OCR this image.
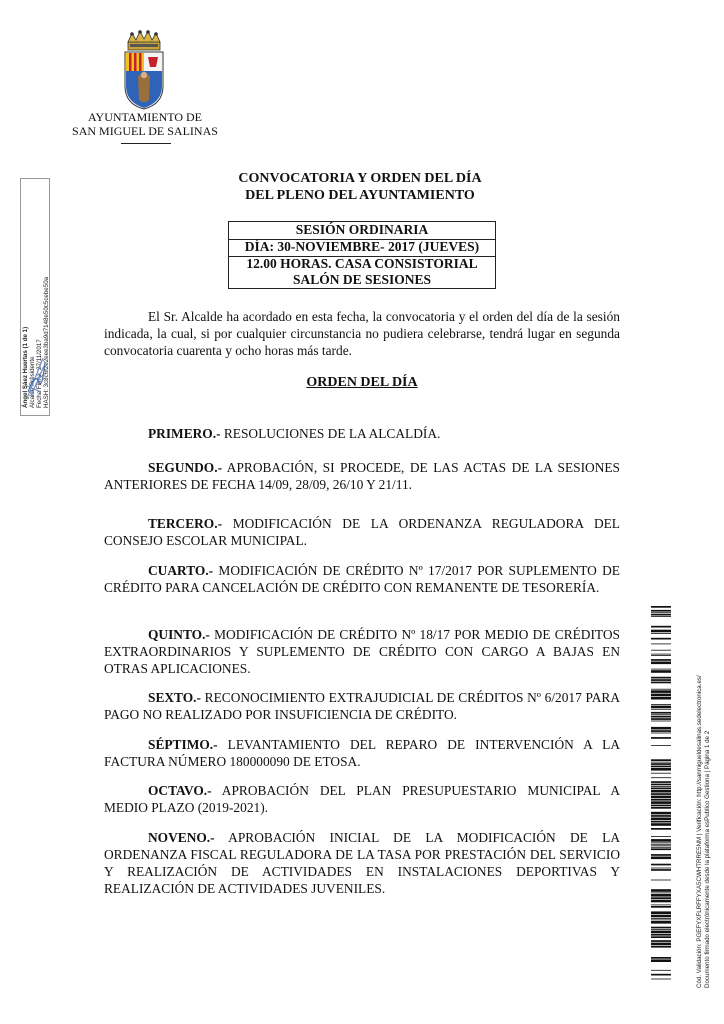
AYUNTAMIENTO DE
SAN MIGUEL DE SALINAS
CONVOCATORIA Y ORDEN DEL DÍA
DEL PLENO DEL AYUNTAMIENTO
SESIÓN ORDINARIA
DÍA: 30-NOVIEMBRE- 2017 (JUEVES)
12.00 HORAS. CASA CONSISTORIAL
SALÓN DE SESIONES
El Sr. Alcalde ha acordado en esta fecha, la convocatoria y el orden del día de la sesión indicada, la cual, si por cualquier circunstancia no pudiera celebrarse, tendrá lugar en segunda convocatoria cuarenta y ocho horas más tarde.
ORDEN DEL DÍA
PRIMERO.- RESOLUCIONES DE LA ALCALDÍA.
SEGUNDO.- APROBACIÓN, SI PROCEDE, DE LAS ACTAS DE LA SESIONES ANTERIORES DE FECHA 14/09, 28/09, 26/10 Y 21/11.
TERCERO.- MODIFICACIÓN DE LA ORDENANZA REGULADORA DEL CONSEJO ESCOLAR MUNICIPAL.
CUARTO.- MODIFICACIÓN DE CRÉDITO Nº 17/2017 POR SUPLEMENTO DE CRÉDITO PARA CANCELACIÓN DE CRÉDITO CON REMANENTE DE TESORERÍA.
QUINTO.- MODIFICACIÓN DE CRÉDITO Nº 18/17 POR MEDIO DE CRÉDITOS EXTRAORDINARIOS Y SUPLEMENTO DE CRÉDITO CON CARGO A BAJAS EN OTRAS APLICACIONES.
SEXTO.- RECONOCIMIENTO EXTRAJUDICIAL DE CRÉDITOS Nº 6/2017 PARA PAGO NO REALIZADO POR INSUFICIENCIA DE CRÉDITO.
SÉPTIMO.- LEVANTAMIENTO DEL REPARO DE INTERVENCIÓN A LA FACTURA NÚMERO 180000090 DE ETOSA.
OCTAVO.- APROBACIÓN DEL PLAN PRESUPUESTARIO MUNICIPAL A MEDIO PLAZO (2019-2021).
NOVENO.- APROBACIÓN INICIAL DE LA MODIFICACIÓN DE LA ORDENANZA FISCAL REGULADORA DE LA TASA POR PRESTACIÓN DEL SERVICIO Y REALIZACIÓN DE ACTIVIDADES EN INSTALACIONES DEPORTIVAS Y REALIZACIÓN DE ACTIVIDADES JUVENILES.
Ángel Sáez Huertas (1 de 1) Alcalde Presidente Fecha Firma: 27/11/2017 HASH: 3c8c6f2e2eee3ba9d7148e50c5cebe50a
Cód. Validación: PGEFYXFLRFFYXA5CWHTRRE5NM | Verificación: http://sanmigueldesalinas.sedelectronica.es/ Documento firmado electrónicamente desde la plataforma esPublico Gestiona | Página 1 de 2
